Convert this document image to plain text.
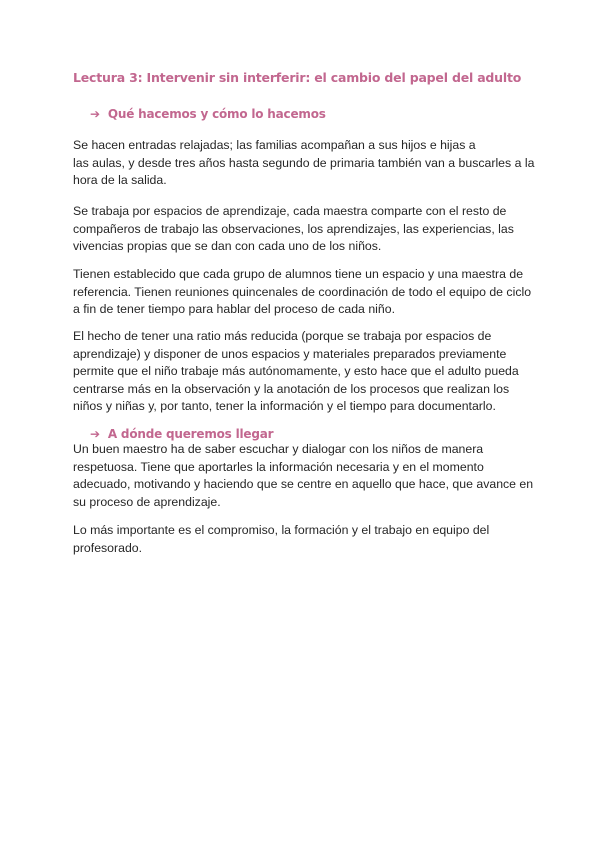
Lectura 3: Intervenir sin interferir: el cambio del papel del adulto
➔ Qué hacemos y cómo lo hacemos
Se hacen entradas relajadas; las familias acompañan a sus hijos e hijas a
las aulas, y desde tres años hasta segundo de primaria también van a buscarles a la
hora de la salida.
Se trabaja por espacios de aprendizaje, cada maestra comparte con el resto de
compañeros de trabajo las observaciones, los aprendizajes, las experiencias, las
vivencias propias que se dan con cada uno de los niños.
Tienen establecido que cada grupo de alumnos tiene un espacio y una maestra de
referencia. Tienen reuniones quincenales de coordinación de todo el equipo de ciclo
a fin de tener tiempo para hablar del proceso de cada niño.
El hecho de tener una ratio más reducida (porque se trabaja por espacios de
aprendizaje) y disponer de unos espacios y materiales preparados previamente
permite que el niño trabaje más autónomamente, y esto hace que el adulto pueda
centrarse más en la observación y la anotación de los procesos que realizan los
niños y niñas y, por tanto, tener la información y el tiempo para documentarlo.
➔ A dónde queremos llegar
Un buen maestro ha de saber escuchar y dialogar con los niños de manera
respetuosa. Tiene que aportarles la información necesaria y en el momento
adecuado, motivando y haciendo que se centre en aquello que hace, que avance en
su proceso de aprendizaje.
Lo más importante es el compromiso, la formación y el trabajo en equipo del
profesorado.
